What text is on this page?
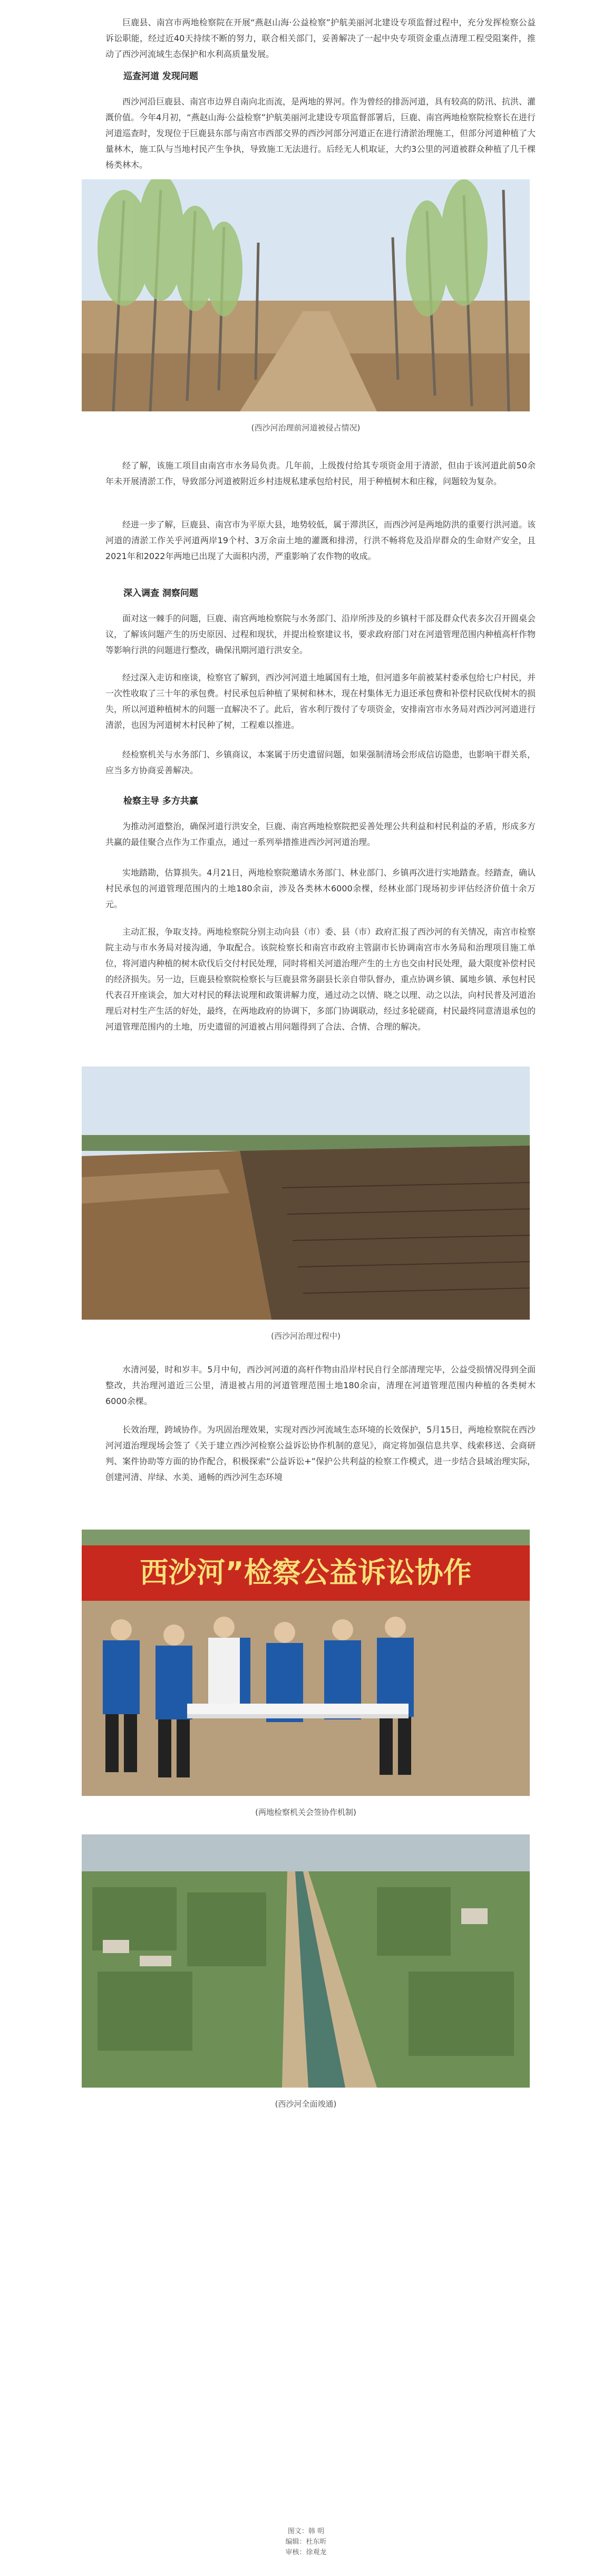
巨鹿县、南宫市两地检察院在开展“燕赵山海·公益检察”护航美丽河北建设专项监督过程中，充分发挥检察公益诉讼职能，经过近40天持续不断的努力，联合相关部门，妥善解决了一起中央专项资金重点清理工程受阻案件，推动了西沙河流域生态保护和水利高质量发展。

巡查河道 发现问题

西沙河沿巨鹿县、南宫市边界自南向北而流，是两地的界河。作为曾经的排沥河道，具有较高的防汛、抗洪、灌溉价值。今年4月初，“燕赵山海·公益检察”护航美丽河北建设专项监督部署后，巨鹿、南宫两地检察院检察长在进行河道巡查时，发现位于巨鹿县东部与南宫市西部交界的西沙河部分河道正在进行清淤治理施工，但部分河道种植了大量林木，施工队与当地村民产生争执，导致施工无法进行。后经无人机取证，大约3公里的河道被群众种植了几千棵杨类林木。

(西沙河治理前河道被侵占情况)

经了解，该施工项目由南宫市水务局负责。几年前，上级拨付给其专项资金用于清淤，但由于该河道此前50余年未开展清淤工作，导致部分河道被附近乡村违规私建承包给村民，用于种植树木和庄稼，问题较为复杂。

经进一步了解，巨鹿县、南宫市为平原大县，地势较低，属于滞洪区，而西沙河是两地防洪的重要行洪河道。该河道的清淤工作关乎河道两岸19个村、3万余亩土地的灌溉和排涝，行洪不畅将危及沿岸群众的生命财产安全，且2021年和2022年两地已出现了大面积内涝，严重影响了农作物的收成。

深入调查 洞察问题

面对这一棘手的问题，巨鹿、南宫两地检察院与水务部门、沿岸所涉及的乡镇村干部及群众代表多次召开圆桌会议，了解该问题产生的历史原因、过程和现状，并提出检察建议书，要求政府部门对在河道管理范围内种植高杆作物等影响行洪的问题进行整改，确保汛期河道行洪安全。

经过深入走访和座谈，检察官了解到，西沙河河道土地属国有土地，但河道多年前被某村委承包给七户村民，并一次性收取了三十年的承包费。村民承包后种植了果树和林木，现在村集体无力退还承包费和补偿村民砍伐树木的损失，所以河道种植树木的问题一直解决不了。此后，省水利厅拨付了专项资金，安排南宫市水务局对西沙河河道进行清淤，也因为河道树木村民种了树，工程难以推进。

经检察机关与水务部门、乡镇商议，本案属于历史遗留问题，如果强制清场会形成信访隐患，也影响干群关系，应当多方协商妥善解决。

检察主导 多方共赢

为推动河道整治，确保河道行洪安全，巨鹿、南宫两地检察院把妥善处理公共利益和村民利益的矛盾，形成多方共赢的最佳聚合点作为工作重点，通过一系列举措推进西沙河河道治理。

实地踏勘，估算损失。4月21日，两地检察院邀请水务部门、林业部门、乡镇再次进行实地踏查。经踏查，确认村民承包的河道管理范围内的土地180余亩，涉及各类林木6000余棵，经林业部门现场初步评估经济价值十余万元。

主动汇报，争取支持。两地检察院分别主动向县（市）委、县（市）政府汇报了西沙河的有关情况，南宫市检察院主动与市水务局对接沟通，争取配合。该院检察长和南宫市政府主管副市长协调南宫市水务局和治理项目施工单位，将河道内种植的树木砍伐后交付村民处理，同时将相关河道治理产生的土方也交由村民处理，最大限度补偿村民的经济损失。另一边，巨鹿县检察院检察长与巨鹿县常务副县长亲自带队督办，重点协调乡镇、属地乡镇、承包村民代表召开座谈会，加大对村民的释法说理和政策讲解力度，通过动之以情、晓之以理、动之以法，向村民普及河道治理后对村生产生活的好处，最终，在两地政府的协调下，多部门协调联动，经过多轮磋商，村民最终同意清退承包的河道管理范围内的土地，历史遗留的河道被占用问题得到了合法、合情、合理的解决。

(西沙河治理过程中)

水清河晏，时和岁丰。5月中旬，西沙河河道的高杆作物由沿岸村民自行全部清理完毕，公益受损情况得到全面整改，共治理河道近三公里，清退被占用的河道管理范围土地180余亩，清理在河道管理范围内种植的各类树木6000余棵。

长效治理，跨域协作。为巩固治理效果，实现对西沙河流域生态环境的长效保护，5月15日，两地检察院在西沙河河道治理现场会签了《关于建立西沙河检察公益诉讼协作机制的意见》，商定将加强信息共享、线索移送、会商研判、案件协助等方面的协作配合，积极探索“公益诉讼+”保护公共利益的检察工作模式，进一步结合县域治理实际，创建河清、岸绿、水美、通畅的西沙河生态环境

西沙河”检察公益诉讼协作

(两地检察机关会签协作机制)

(西沙河全面竣通)

图文：韩 明
编辑：杜东昕
审核：徐观龙
